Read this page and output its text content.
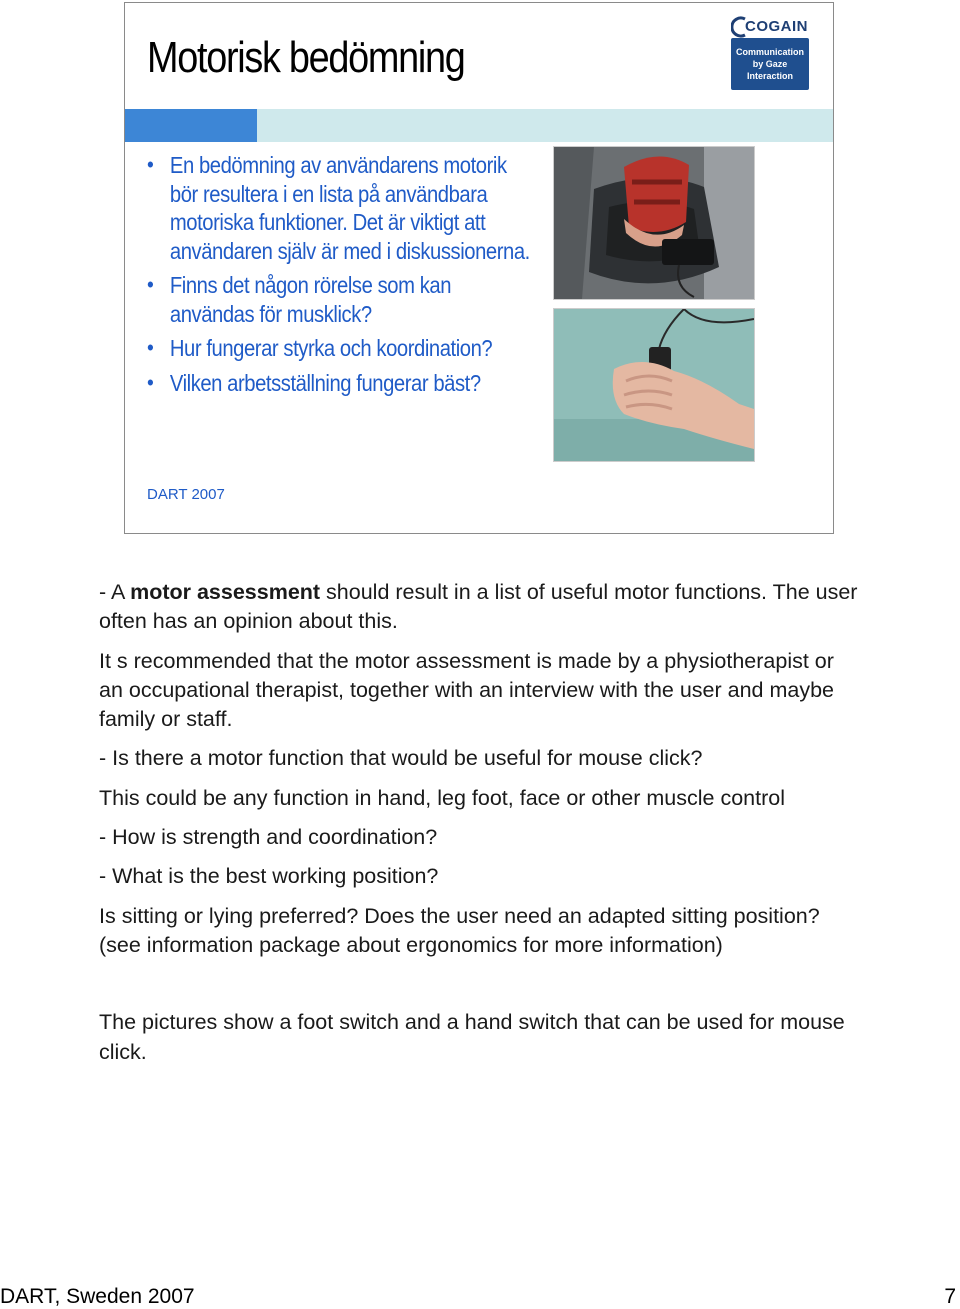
Motorisk bedömning
COGAIN
Communication
by Gaze
Interaction
• En bedömning av användarens motorik bör resultera i en lista på användbara motoriska funktioner. Det är viktigt att användaren själv är med i diskussionerna.
• Finns det någon rörelse som kan användas för musklick?
• Hur fungerar styrka och koordination?
• Vilken arbetsställning fungerar bäst?
DART 2007

- A motor assessment should result in a list of useful motor functions. The user often has an opinion about this.

It s recommended that the motor assessment is made by a physiotherapist or an occupational therapist, together with an interview with the user and maybe family or staff.

- Is there a motor function that would be useful for mouse click?

This could be any function in hand, leg foot, face or other muscle control

- How is strength and coordination?

- What is the best working position?

Is sitting or lying preferred? Does the user need an adapted sitting position? (see information package about ergonomics for more information)

The pictures show a foot switch and a hand switch that can be used for mouse click.

DART, Sweden 2007	7
